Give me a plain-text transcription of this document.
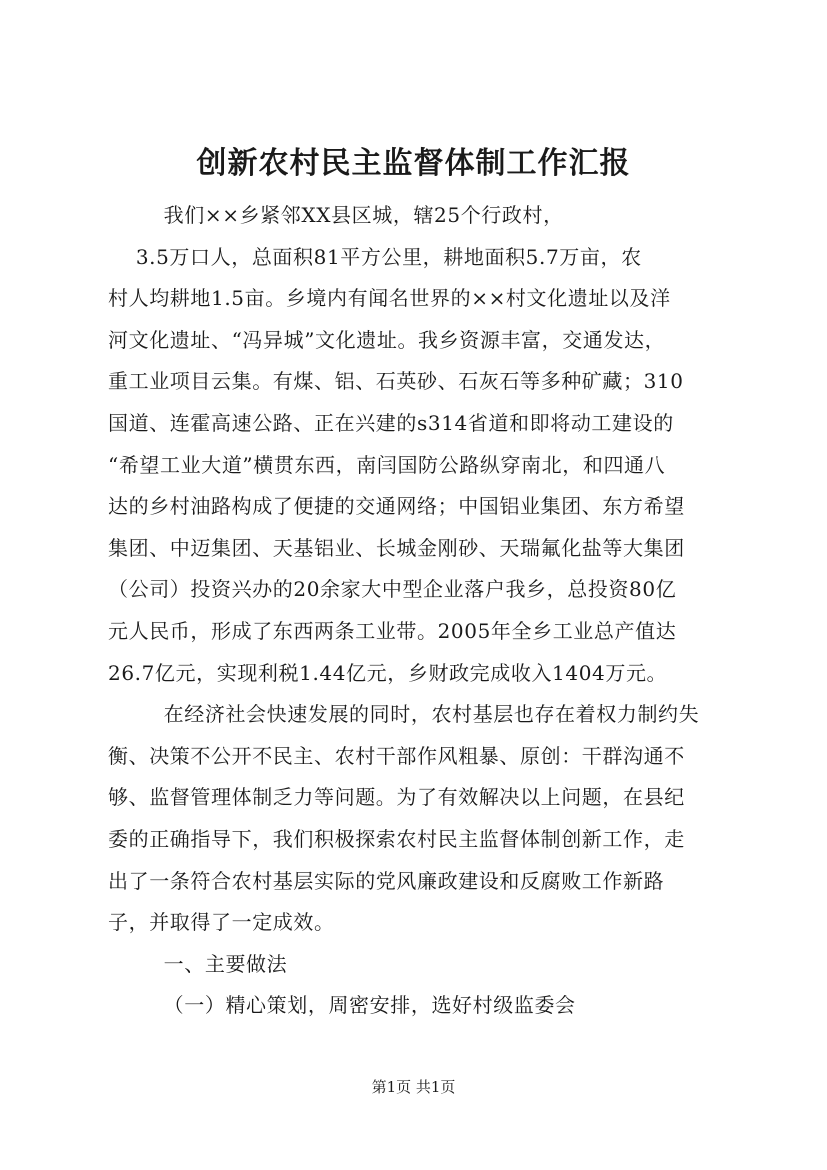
创新农村民主监督体制工作汇报
我们××乡紧邻XX县区城，辖25个行政村，
3.5万口人，总面积81平方公里，耕地面积5.7万亩，农
村人均耕地1.5亩。乡境内有闻名世界的××村文化遗址以及洋
河文化遗址、“冯异城”文化遗址。我乡资源丰富，交通发达，
重工业项目云集。有煤、铝、石英砂、石灰石等多种矿藏；310
国道、连霍高速公路、正在兴建的s314省道和即将动工建设的
“希望工业大道”横贯东西，南闫国防公路纵穿南北，和四通八
达的乡村油路构成了便捷的交通网络；中国铝业集团、东方希望
集团、中迈集团、天基铝业、长城金刚砂、天瑞氟化盐等大集团
（公司）投资兴办的20余家大中型企业落户我乡，总投资80亿
元人民币，形成了东西两条工业带。2005年全乡工业总产值达
26.7亿元，实现利税1.44亿元，乡财政完成收入1404万元。
在经济社会快速发展的同时，农村基层也存在着权力制约失
衡、决策不公开不民主、农村干部作风粗暴、原创：干群沟通不
够、监督管理体制乏力等问题。为了有效解决以上问题，在县纪
委的正确指导下，我们积极探索农村民主监督体制创新工作，走
出了一条符合农村基层实际的党风廉政建设和反腐败工作新路
子，并取得了一定成效。
一、主要做法
（一）精心策划，周密安排，选好村级监委会
第1页 共1页
